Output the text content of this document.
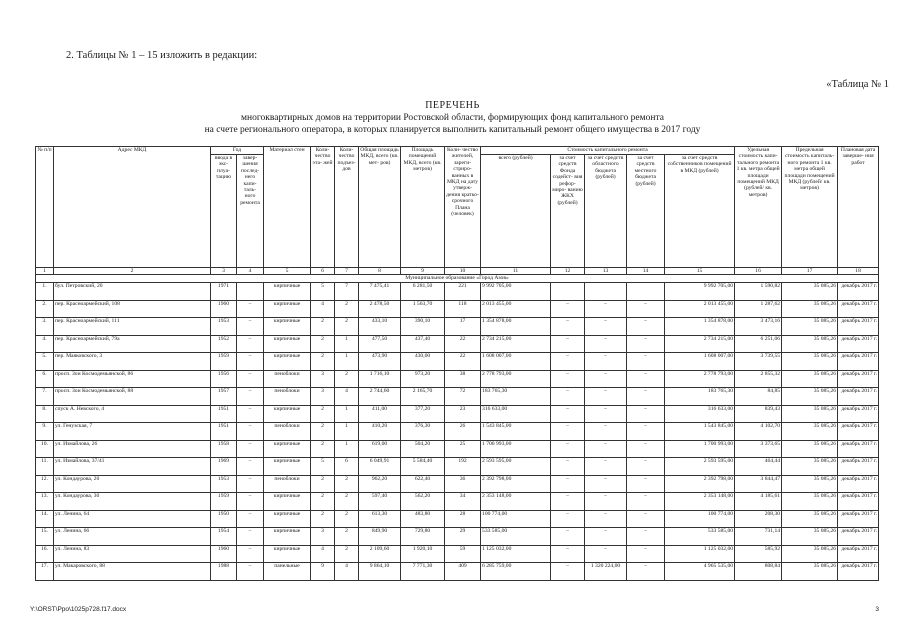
2. Таблицы № 1 – 15 изложить в редакции:
«Таблица № 1
ПЕРЕЧЕНЬ
многоквартирных домов на территории Ростовской области, формирующих фонд капитального ремонта
на счете регионального оператора, в которых планируется выполнить капитальный ремонт общего имущества в 2017 году
№ п/п	Адрес МКД	Год		Материал стен	Коли- чество эта- жей	Коли- чество подъез- дов	Общая площадь МКД, всего (кв. мет- ров)	Площадь помещений МКД, всего (кв. метров)	Коли- чество жителей, зареги- стриро- ванных в МКД на дату утверж- дения кратко- срочного Плана (человек)	Стоимость капитального ремонта					Удельная стоимость капи- тального ремонта 1 кв. метра общей площади помещений МКД (рублей/ кв. метров)	Предельная стоимость капиталь- ного ремонта 1 кв. метра общей площади помещений МКД (рублей/ кв. метров)	Плановая дата заверше- ния работ
		ввода в экс- плуа- тацию	завер- шения послед- него капи- таль- ного ремонта							всего (рублей)	за счет средств Фонда содейст- вия рефор- миро- ванию ЖКХ (рублей)	за счет средств областного бюджета (рублей)	за счет средств местного бюджета (рублей)	за счет средств собственников помещений в МКД (рублей)			
1	2	3	4	5	6	7	8	9	10	11	12	13	14	15	16	17	18
Муниципальное образование «Город Азов»																	
1.	бул. Петровский, 20	1971		кирпичные	5	7	7 475,41	6 281,50	221	9 992 705,00				9 992 705,00	1 590,82	35 085,26	декабрь 2017 г.
2.	пер. Красноармейский, 108	1960	–	кирпичные	4	2	2 478,50	1 563,70	118	2 013 455,00	–	–	–	2 013 455,00	1 287,62	35 085,26	декабрь 2017 г.
3.	пер. Красноармейский, 111	1953	–	кирпичные	2	2	433,10	390,10	17	1 354 878,00	–	–	–	1 354 878,00	3 473,16	35 085,26	декабрь 2017 г.
4.	пер. Красноармейский, 79а	1952	–	кирпичные	2	1	477,50	437,40	22	2 734 215,00	–	–	–	2 734 215,00	6 251,06	35 085,26	декабрь 2017 г.
5.	пер. Маяковского, 3	1959	–	кирпичные	2	1	473,90	430,00	22	1 608 007,00	–	–	–	1 608 007,00	3 739,55	35 085,26	декабрь 2017 г.
6.	просп. Зои Космодемьянской, 86	1956	–	пеноблоки	3	2	1 716,10	973,20	38	2 778 793,00	–	–	–	2 778 793,00	2 855,32	35 085,26	декабрь 2017 г.
7.	просп. Зои Космодемьянской, 88	1957	–	пеноблоки	3	4	2 744,60	2 165,70	72	183 765,30	–	–	–	183 765,30	84,85	35 085,26	декабрь 2017 г.
8.	спуск А. Невского, 4	1951	–	кирпичные	2	1	411,00	377,20	23	316 633,00	–	–	–	316 633,00	839,43	35 085,26	декабрь 2017 г.
9.	ул. Генузская, 7	1951	–	пеноблоки	2	1	410,20	376,30	26	1 543 845,00	–	–	–	1 543 845,00	4 102,70	35 085,26	декабрь 2017 г.
10.	ул. Измайлова, 26	1958	–	кирпичные	2	1	619,00	504,20	25	1 700 993,00	–	–	–	1 700 993,00	3 373,65	35 085,26	декабрь 2017 г.
11.	ул. Измайлова, 37/41	1969	–	кирпичные	5	6	6 049,91	5 584,40	192	2 593 595,00	–	–	–	2 593 595,00	464,44	35 085,26	декабрь 2017 г.
12.	ул. Кондаурова, 20	1953	–	пеноблоки	2	2	962,20	622,40	36	2 392 798,00	–	–	–	2 392 798,00	3 844,47	35 085,26	декабрь 2017 г.
13.	ул. Кондаурова, 30	1959	–	кирпичные	2	2	597,40	562,20	34	2 353 148,00	–	–	–	2 353 148,00	4 185,61	35 085,26	декабрь 2017 г.
14.	ул. Ленина, 64	1950	–	кирпичные	2	2	613,30	483,80	28	100 774,00	–	–	–	100 774,00	208,30	35 085,26	декабрь 2017 г.
15.	ул. Ленина, 66	1954	–	кирпичные	3	2	849,90	729,80	29	533 585,00	–	–	–	533 585,00	731,14	35 085,26	декабрь 2017 г.
16.	ул. Ленина, 83	1960	–	кирпичные	4	2	2 109,60	1 920,10	59	1 125 032,00	–	–	–	1 125 032,00	585,92	35 085,26	декабрь 2017 г.
17.	ул. Макаровского, 88	1988	–	панельные	9	4	9 864,10	7 771,30	409	6 285 759,00	–	1 320 224,00	–	4 965 535,00	808,84	35 085,26	декабрь 2017 г.
Y:\ORST\Ppo\1025p728.f17.docx	3
